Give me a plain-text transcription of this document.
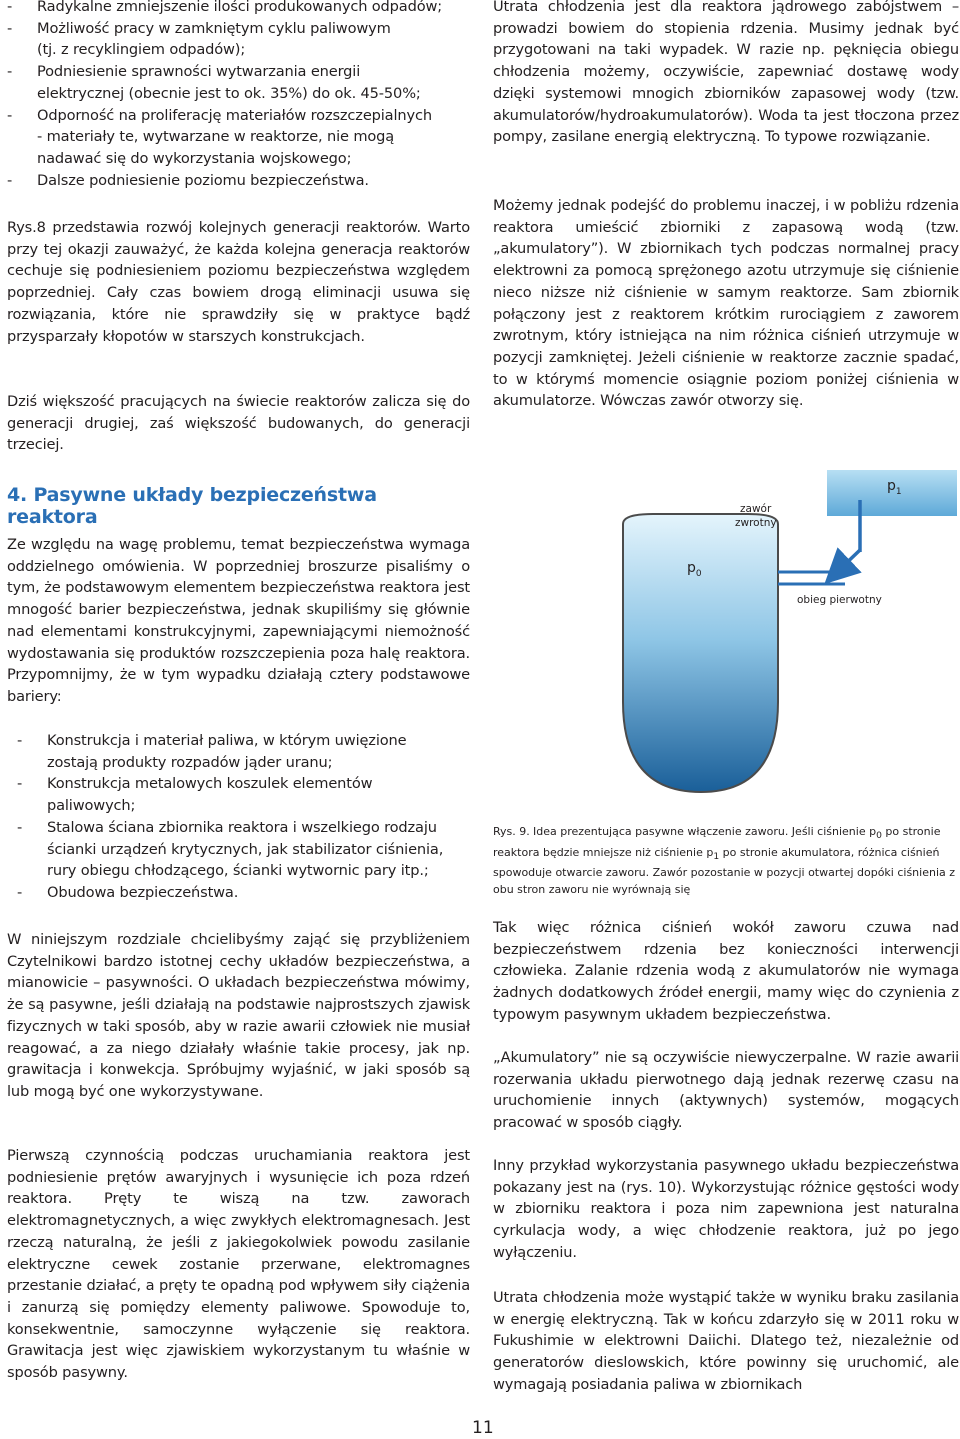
- Radykalne zmniejszenie ilości produkowanych odpadów;
- Możliwość pracy w zamkniętym cyklu paliwowym
(tj. z recyklingiem odpadów);
- Podniesienie sprawności wytwarzania energii
elektrycznej (obecnie jest to ok. 35%) do ok. 45-50%;
- Odporność na proliferację materiałów rozszczepialnych
- materiały te, wytwarzane w reaktorze, nie mogą
nadawać się do wykorzystania wojskowego;
- Dalsze podniesienie poziomu bezpieczeństwa.

Rys.8 przedstawia rozwój kolejnych generacji reaktorów. Warto przy tej okazji zauważyć, że każda kolejna generacja reaktorów cechuje się podniesieniem poziomu bezpieczeństwa względem poprzedniej. Cały czas bowiem drogą eliminacji usuwa się rozwiązania, które nie sprawdziły się w praktyce bądź przysparzały kłopotów w starszych konstrukcjach.

Dziś większość pracujących na świecie reaktorów zalicza się do generacji drugiej, zaś większość budowanych, do generacji trzeciej.

4. Pasywne układy bezpieczeństwa reaktora

Ze względu na wagę problemu, temat bezpieczeństwa wymaga oddzielnego omówienia. W poprzedniej broszurze pisaliśmy o tym, że podstawowym elementem bezpieczeństwa reaktora jest mnogość barier bezpieczeństwa, jednak skupiliśmy się głównie nad elementami konstrukcyjnymi, zapewniającymi niemożność wydostawania się produktów rozszczepienia poza halę reaktora. Przypomnijmy, że w tym wypadku działają cztery podstawowe bariery:

- Konstrukcja i materiał paliwa, w którym uwięzione
zostają produkty rozpadów jąder uranu;
- Konstrukcja metalowych koszulek elementów
paliwowych;
- Stalowa ściana zbiornika reaktora i wszelkiego rodzaju
ścianki urządzeń krytycznych, jak stabilizator ciśnienia,
rury obiegu chłodzącego, ścianki wytwornic pary itp.;
- Obudowa bezpieczeństwa.

W niniejszym rozdziale chcielibyśmy zająć się przybliżeniem Czytelnikowi bardzo istotnej cechy układów bezpieczeństwa, a mianowicie – pasywności. O układach bezpieczeństwa mówimy, że są pasywne, jeśli działają na podstawie najprostszych zjawisk fizycznych w taki sposób, aby w razie awarii człowiek nie musiał reagować, a za niego działały właśnie takie procesy, jak np. grawitacja i konwekcja. Spróbujmy wyjaśnić, w jaki sposób są lub mogą być one wykorzystywane.

Pierwszą czynnością podczas uruchamiania reaktora jest podniesienie prętów awaryjnych i wysunięcie ich poza rdzeń reaktora. Pręty te wiszą na tzw. zaworach elektromagnetycznych, a więc zwykłych elektromagnesach. Jest rzeczą naturalną, że jeśli z jakiegokolwiek powodu zasilanie elektryczne cewek zostanie przerwane, elektromagnes przestanie działać, a pręty te opadną pod wpływem siły ciążenia i zanurzą się pomiędzy elementy paliwowe. Spowoduje to, konsekwentnie, samoczynne wyłączenie się reaktora. Grawitacja jest więc zjawiskiem wykorzystanym tu właśnie w sposób pasywny.

Utrata chłodzenia jest dla reaktora jądrowego zabójstwem – prowadzi bowiem do stopienia rdzenia. Musimy jednak być przygotowani na taki wypadek. W razie np. pęknięcia obiegu chłodzenia możemy, oczywiście, zapewniać dostawę wody dzięki systemowi mnogich zbiorników zapasowej wody (tzw. akumulatorów/hydroakumulatorów). Woda ta jest tłoczona przez pompy, zasilane energią elektryczną. To typowe rozwiązanie.

Możemy jednak podejść do problemu inaczej, i w pobliżu rdzenia reaktora umieścić zbiorniki z zapasową wodą (tzw. „akumulatory”). W zbiornikach tych podczas normalnej pracy elektrowni za pomocą sprężonego azotu utrzymuje się ciśnienie nieco niższe niż ciśnienie w samym reaktorze. Sam zbiornik połączony jest z reaktorem krótkim rurociągiem z zaworem zwrotnym, który istniejąca na nim różnica ciśnień utrzymuje w pozycji zamkniętej. Jeżeli ciśnienie w reaktorze zacznie spadać, to w którymś momencie osiągnie poziom poniżej ciśnienia w akumulatorze. Wówczas zawór otworzy się.

$p_1$
zawór zwrotny
$p_0$
obieg pierwotny

Rys. 9. Idea prezentująca pasywne włączenie zaworu. Jeśli ciśnienie $p_0$ po stronie reaktora będzie mniejsze niż ciśnienie $p_1$ po stronie akumulatora, różnica ciśnień spowoduje otwarcie zaworu. Zawór pozostanie w pozycji otwartej dopóki ciśnienia z obu stron zaworu nie wyrównają się

Tak więc różnica ciśnień wokół zaworu czuwa nad bezpieczeństwem rdzenia bez konieczności interwencji człowieka. Zalanie rdzenia wodą z akumulatorów nie wymaga żadnych dodatkowych źródeł energii, mamy więc do czynienia z typowym pasywnym układem bezpieczeństwa.

„Akumulatory” nie są oczywiście niewyczerpalne. W razie awarii rozerwania układu pierwotnego dają jednak rezerwę czasu na uruchomienie innych (aktywnych) systemów, mogących pracować w sposób ciągły.

Inny przykład wykorzystania pasywnego układu bezpieczeństwa pokazany jest na (rys. 10). Wykorzystując różnice gęstości wody w zbiorniku reaktora i poza nim zapewniona jest naturalna cyrkulacja wody, a więc chłodzenie reaktora, już po jego wyłączeniu.

Utrata chłodzenia może wystąpić także w wyniku braku zasilania w energię elektryczną. Tak w końcu zdarzyło się w 2011 roku w Fukushimie w elektrowni Daiichi. Dlatego też, niezależnie od generatorów dieslowskich, które powinny się uruchomić, ale wymagają posiadania paliwa w zbiornikach

11
